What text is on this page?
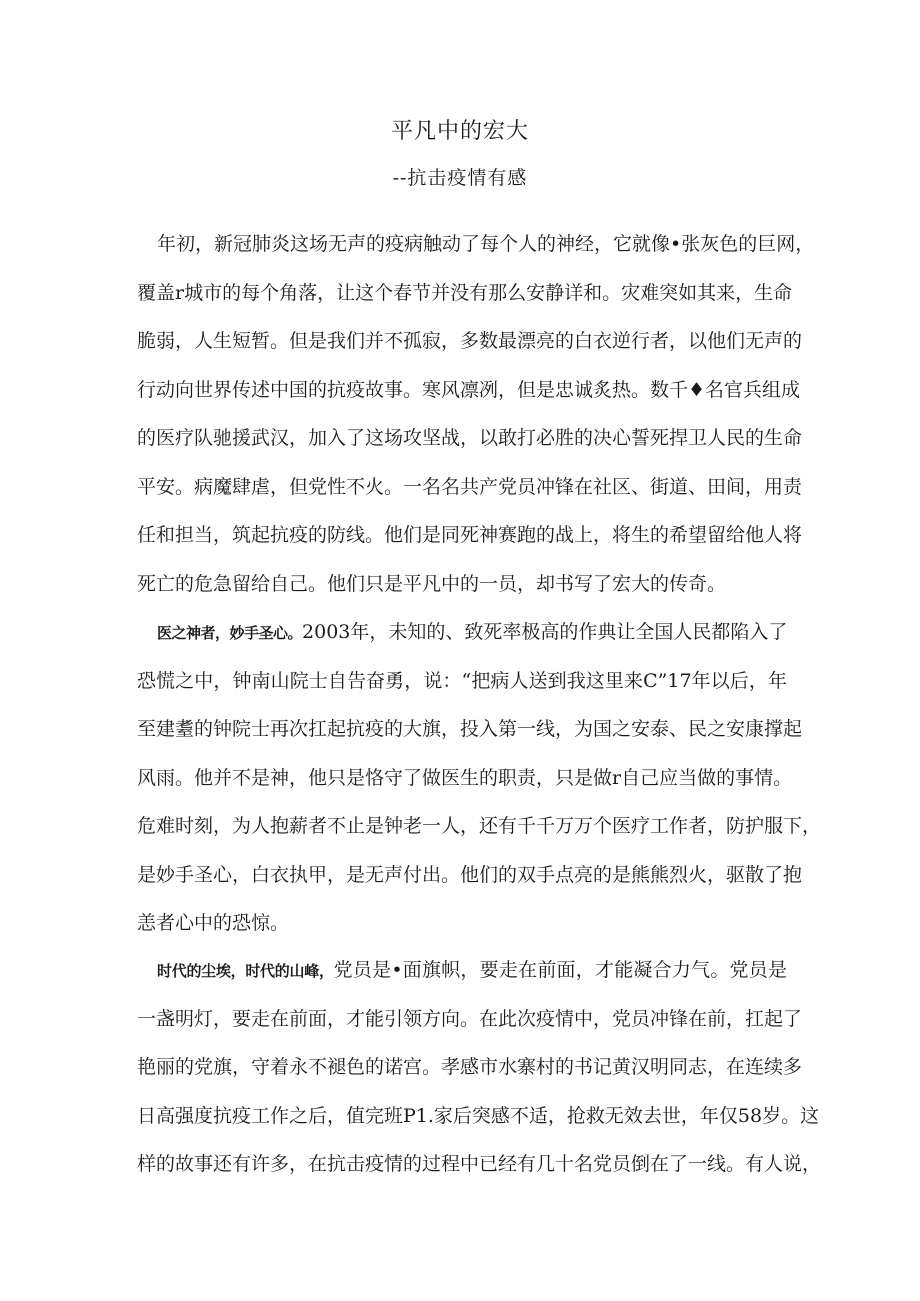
平凡中的宏大
--抗击疫情有感
年初，新冠肺炎这场无声的疫病触动了每个人的神经，它就像•张灰色的巨网，
覆盖r城市的每个角落，让这个春节并没有那么安静详和。灾难突如其来，生命
脆弱，人生短暂。但是我们并不孤寂，多数最漂亮的白衣逆行者，以他们无声的
行动向世界传述中国的抗疫故事。寒风凛冽，但是忠诚炙热。数千♦名官兵组成
的医疗队驰援武汉，加入了这场攻坚战，以敢打必胜的决心誓死捍卫人民的生命
平安。病魔肆虐，但党性不火。一名名共产党员冲锋在社区、街道、田间，用责
任和担当，筑起抗疫的防线。他们是同死神赛跑的战上，将生的希望留给他人将
死亡的危急留给自己。他们只是平凡中的一员，却书写了宏大的传奇。
医之神者，妙手圣心。2003年，未知的、致死率极高的作典让全国人民都陷入了
恐慌之中，钟南山院士自告奋勇，说：“把病人送到我这里来C”17年以后，年
至建耋的钟院士再次扛起抗疫的大旗，投入第一线，为国之安泰、民之安康撑起
风雨。他并不是神，他只是恪守了做医生的职责，只是做r自己应当做的事情。
危难时刻，为人抱薪者不止是钟老一人，还有千千万万个医疗工作者，防护服下，
是妙手圣心，白衣执甲，是无声付出。他们的双手点亮的是熊熊烈火，驱散了抱
恙者心中的恐惊。
时代的尘埃，时代的山峰，党员是•面旗帜，要走在前面，才能凝合力气。党员是
一盏明灯，要走在前面，才能引领方向。在此次疫情中，党员冲锋在前，扛起了
艳丽的党旗，守着永不褪色的诺宫。孝感市水寨村的书记黄汉明同志，在连续多
日高强度抗疫工作之后，值完班P1.家后突感不适，抢救无效去世，年仅58岁。这
样的故事还有许多，在抗击疫情的过程中已经有几十名党员倒在了一线。有人说，
